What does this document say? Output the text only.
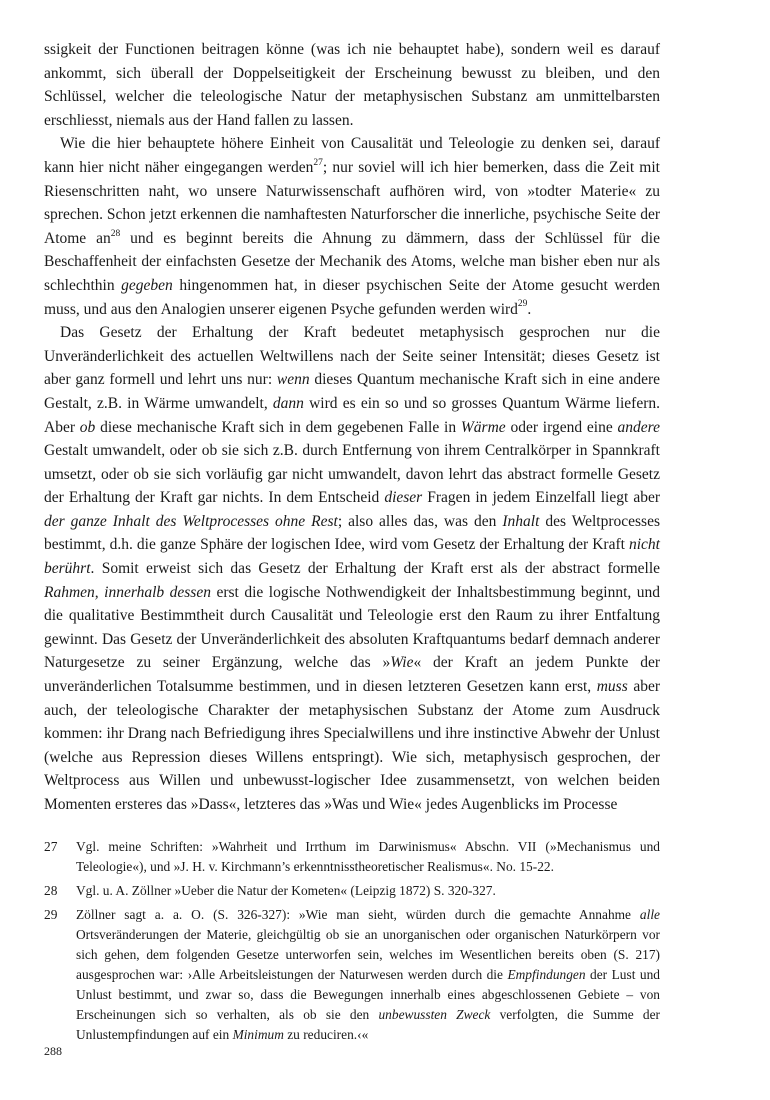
ssigkeit der Functionen beitragen könne (was ich nie behauptet habe), sondern weil es darauf ankommt, sich überall der Doppelseitigkeit der Erscheinung bewusst zu bleiben, und den Schlüssel, welcher die teleologische Natur der metaphysischen Substanz am unmittelbarsten erschliesst, niemals aus der Hand fallen zu lassen.

Wie die hier behauptete höhere Einheit von Causalität und Teleologie zu denken sei, darauf kann hier nicht näher eingegangen werden$^{27}$; nur soviel will ich hier bemerken, dass die Zeit mit Riesenschritten naht, wo unsere Naturwissenschaft aufhören wird, von »todter Materie« zu sprechen. Schon jetzt erkennen die namhaftesten Naturforscher die innerliche, psychische Seite der Atome $an^{28}$ und es beginnt bereits die Ahnung zu dämmern, dass der Schlüssel für die Beschaffenheit der einfachsten Gesetze der Mechanik des Atoms, welche man bisher eben nur als schlechthin gegeben hingenommen hat, in dieser psychischen Seite der Atome gesucht werden muss, und aus den Analogien unserer eigenen Psyche gefunden werden wird$^{29}$.

Das Gesetz der Erhaltung der Kraft bedeutet metaphysisch gesprochen nur die Unveränderlichkeit des actuellen Weltwillens nach der Seite seiner Intensität; dieses Gesetz ist aber ganz formell und lehrt uns nur: wenn dieses Quantum mechanische Kraft sich in eine andere Gestalt, z.B. in Wärme umwandelt, dann wird es ein so und so grosses Quantum Wärme liefern. Aber ob diese mechanische Kraft sich in dem gegebenen Falle in Wärme oder irgend eine andere Gestalt umwandelt, oder ob sie sich z.B. durch Entfernung von ihrem Centralkörper in Spannkraft umsetzt, oder ob sie sich vorläufig gar nicht umwandelt, davon lehrt das abstract formelle Gesetz der Erhaltung der Kraft gar nichts. In dem Entscheid dieser Fragen in jedem Einzelfall liegt aber der ganze Inhalt des Weltprocesses ohne Rest; also alles das, was den Inhalt des Weltprocesses bestimmt, d.h. die ganze Sphäre der logischen Idee, wird vom Gesetz der Erhaltung der Kraft nicht berührt. Somit erweist sich das Gesetz der Erhaltung der Kraft erst als der abstract formelle Rahmen, innerhalb dessen erst die logische Nothwendigkeit der Inhaltsbestimmung beginnt, und die qualitative Bestimmtheit durch Causalität und Teleologie erst den Raum zu ihrer Entfaltung gewinnt. Das Gesetz der Unveränderlichkeit des absoluten Kraftquantums bedarf demnach anderer Naturgesetze zu seiner Ergänzung, welche das »Wie« der Kraft an jedem Punkte der unveränderlichen Totalsumme bestimmen, und in diesen letzteren Gesetzen kann erst, muss aber auch, der teleologische Charakter der metaphysischen Substanz der Atome zum Ausdruck kommen: ihr Drang nach Befriedigung ihres Specialwillens und ihre instinctive Abwehr der Unlust (welche aus Repression dieses Willens entspringt). Wie sich, metaphysisch gesprochen, der Weltprocess aus Willen und unbewusst-logischer Idee zusammensetzt, von welchen beiden Momenten ersteres das »Dass«, letzteres das »Was und Wie« jedes Augenblicks im Processe

27	Vgl. meine Schriften: »Wahrheit und Irrthum im Darwinismus« Abschn. VII (»Mechanismus und Teleologie«), und »J. H. v. Kirchmann’s erkenntnisstheoretischer Realismus«. No. 15-22.
28	Vgl. u. A. Zöllner »Ueber die Natur der Kometen« (Leipzig 1872) S. 320-327.
29	Zöllner sagt a. a. O. (S. 326-327): »Wie man sieht, würden durch die gemachte Annahme alle Ortsveränderungen der Materie, gleichgültig ob sie an unorganischen oder organischen Naturkörpern vor sich gehen, dem folgenden Gesetze unterworfen sein, welches im Wesentlichen bereits oben (S. 217) ausgesprochen war: ›Alle Arbeitsleistungen der Naturwesen werden durch die Empfindungen der Lust und Unlust bestimmt, und zwar so, dass die Bewegungen innerhalb eines abgeschlossenen Gebiete – von Erscheinungen sich so verhalten, als ob sie den unbewussten Zweck verfolgten, die Summe der Unlustempfindungen auf ein Minimum zu reduciren.‹«
288
